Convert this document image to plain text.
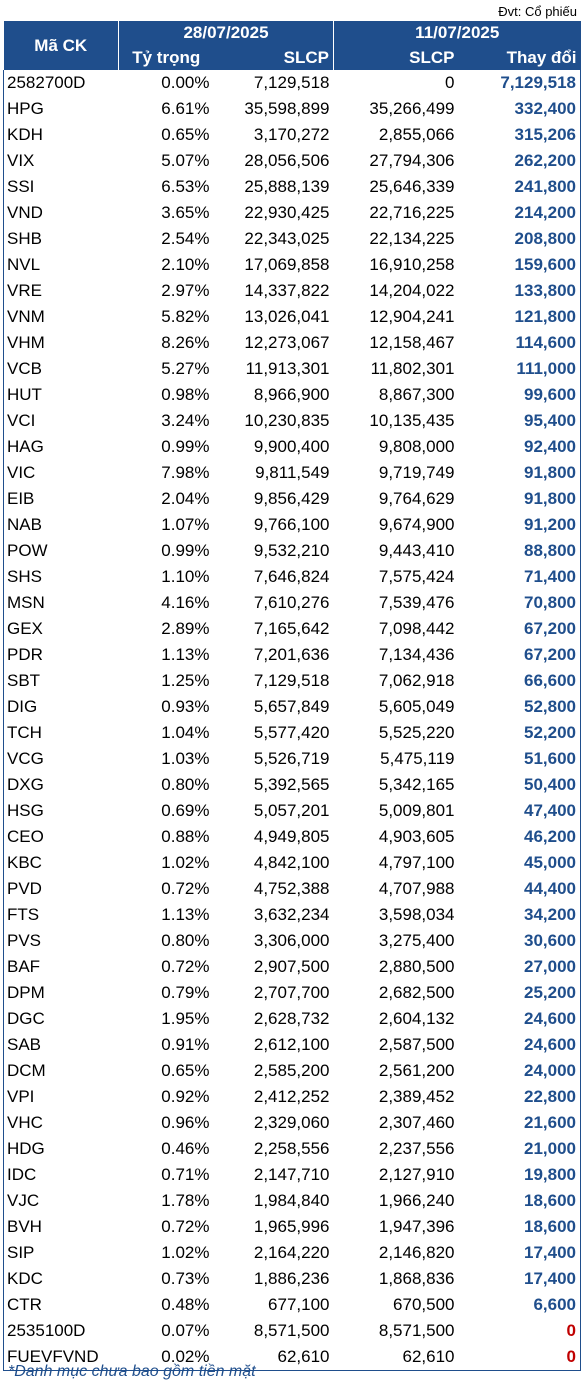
Đvt: Cổ phiếu
Mã CK	28/07/2025		11/07/2025	
	Tỷ trọng	SLCP	SLCP	Thay đổi
2582700D	0.00%	7,129,518	0	7,129,518
HPG	6.61%	35,598,899	35,266,499	332,400
KDH	0.65%	3,170,272	2,855,066	315,206
VIX	5.07%	28,056,506	27,794,306	262,200
SSI	6.53%	25,888,139	25,646,339	241,800
VND	3.65%	22,930,425	22,716,225	214,200
SHB	2.54%	22,343,025	22,134,225	208,800
NVL	2.10%	17,069,858	16,910,258	159,600
VRE	2.97%	14,337,822	14,204,022	133,800
VNM	5.82%	13,026,041	12,904,241	121,800
VHM	8.26%	12,273,067	12,158,467	114,600
VCB	5.27%	11,913,301	11,802,301	111,000
HUT	0.98%	8,966,900	8,867,300	99,600
VCI	3.24%	10,230,835	10,135,435	95,400
HAG	0.99%	9,900,400	9,808,000	92,400
VIC	7.98%	9,811,549	9,719,749	91,800
EIB	2.04%	9,856,429	9,764,629	91,800
NAB	1.07%	9,766,100	9,674,900	91,200
POW	0.99%	9,532,210	9,443,410	88,800
SHS	1.10%	7,646,824	7,575,424	71,400
MSN	4.16%	7,610,276	7,539,476	70,800
GEX	2.89%	7,165,642	7,098,442	67,200
PDR	1.13%	7,201,636	7,134,436	67,200
SBT	1.25%	7,129,518	7,062,918	66,600
DIG	0.93%	5,657,849	5,605,049	52,800
TCH	1.04%	5,577,420	5,525,220	52,200
VCG	1.03%	5,526,719	5,475,119	51,600
DXG	0.80%	5,392,565	5,342,165	50,400
HSG	0.69%	5,057,201	5,009,801	47,400
CEO	0.88%	4,949,805	4,903,605	46,200
KBC	1.02%	4,842,100	4,797,100	45,000
PVD	0.72%	4,752,388	4,707,988	44,400
FTS	1.13%	3,632,234	3,598,034	34,200
PVS	0.80%	3,306,000	3,275,400	30,600
BAF	0.72%	2,907,500	2,880,500	27,000
DPM	0.79%	2,707,700	2,682,500	25,200
DGC	1.95%	2,628,732	2,604,132	24,600
SAB	0.91%	2,612,100	2,587,500	24,600
DCM	0.65%	2,585,200	2,561,200	24,000
VPI	0.92%	2,412,252	2,389,452	22,800
VHC	0.96%	2,329,060	2,307,460	21,600
HDG	0.46%	2,258,556	2,237,556	21,000
IDC	0.71%	2,147,710	2,127,910	19,800
VJC	1.78%	1,984,840	1,966,240	18,600
BVH	0.72%	1,965,996	1,947,396	18,600
SIP	1.02%	2,164,220	2,146,820	17,400
KDC	0.73%	1,886,236	1,868,836	17,400
CTR	0.48%	677,100	670,500	6,600
2535100D	0.07%	8,571,500	8,571,500	0
FUEVFVND	0.02%	62,610	62,610	0
*Danh mục chưa bao gồm tiền mặt
